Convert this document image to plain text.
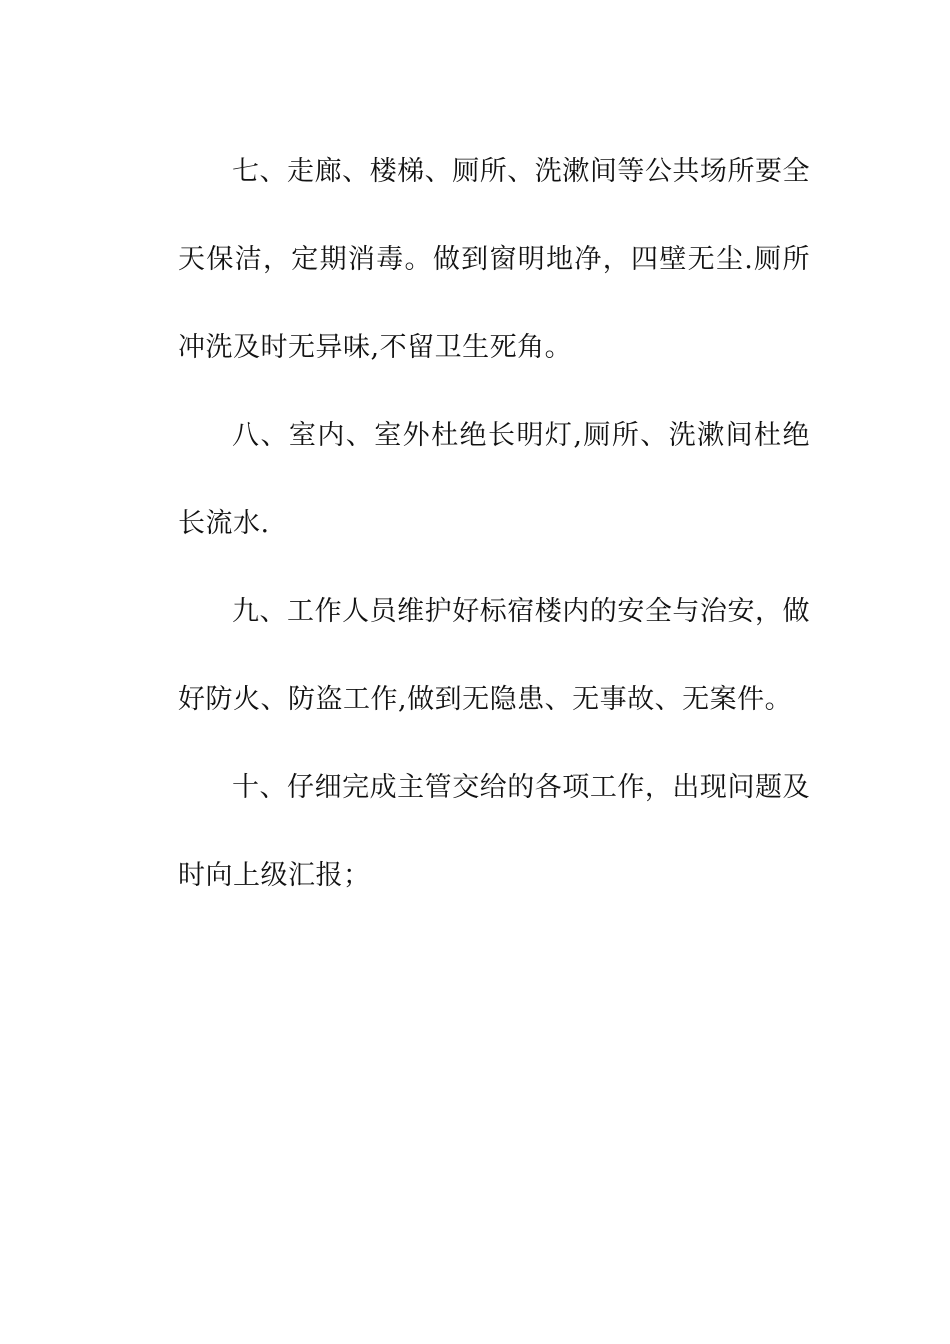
七、走廊、楼梯、厕所、洗漱间等公共场所要全天保洁，定期消毒。做到窗明地净，四壁无尘.厕所冲洗及时无异味,不留卫生死角。

八、室内、室外杜绝长明灯,厕所、洗漱间杜绝长流水.

九、工作人员维护好标宿楼内的安全与治安，做好防火、防盗工作,做到无隐患、无事故、无案件。

十、仔细完成主管交给的各项工作，出现问题及时向上级汇报；
